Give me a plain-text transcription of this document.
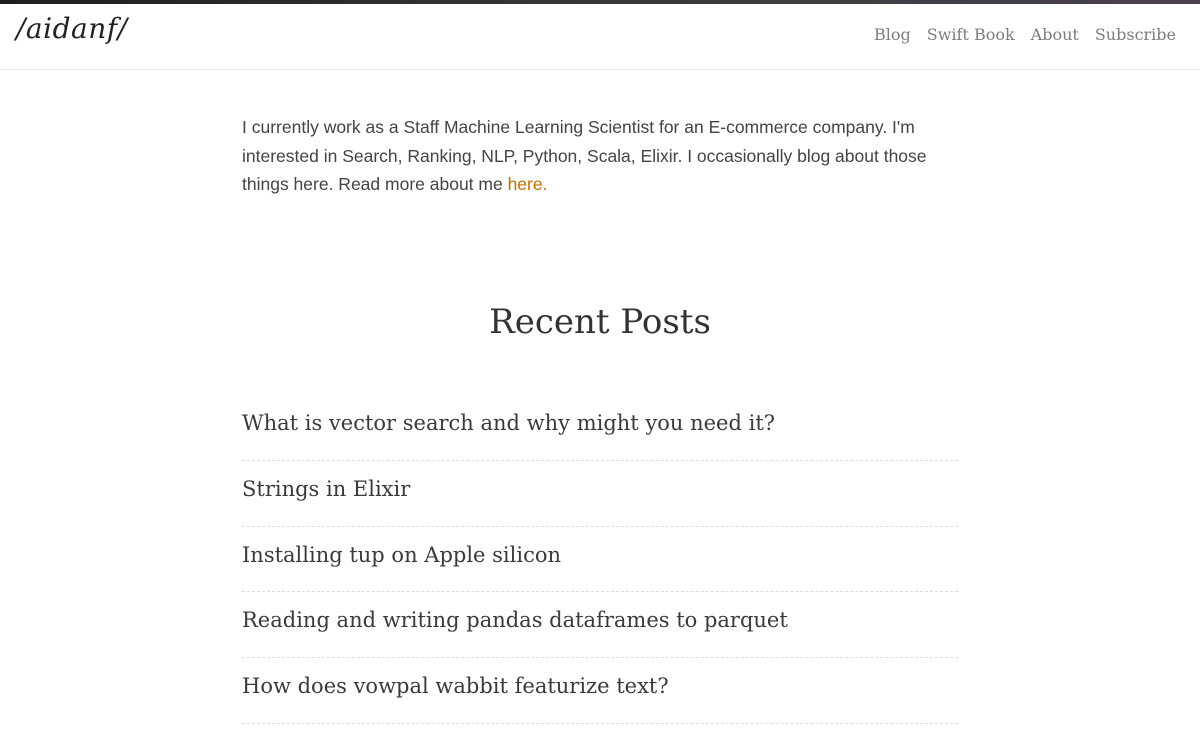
/aidanf/	Blog Swift Book About Subscribe

I currently work as a Staff Machine Learning Scientist for an E-commerce company. I'm interested in Search, Ranking, NLP, Python, Scala, Elixir. I occasionally blog about those things here. Read more about me here.

Recent Posts
What is vector search and why might you need it?
Strings in Elixir
Installing tup on Apple silicon
Reading and writing pandas dataframes to parquet
How does vowpal wabbit featurize text?
